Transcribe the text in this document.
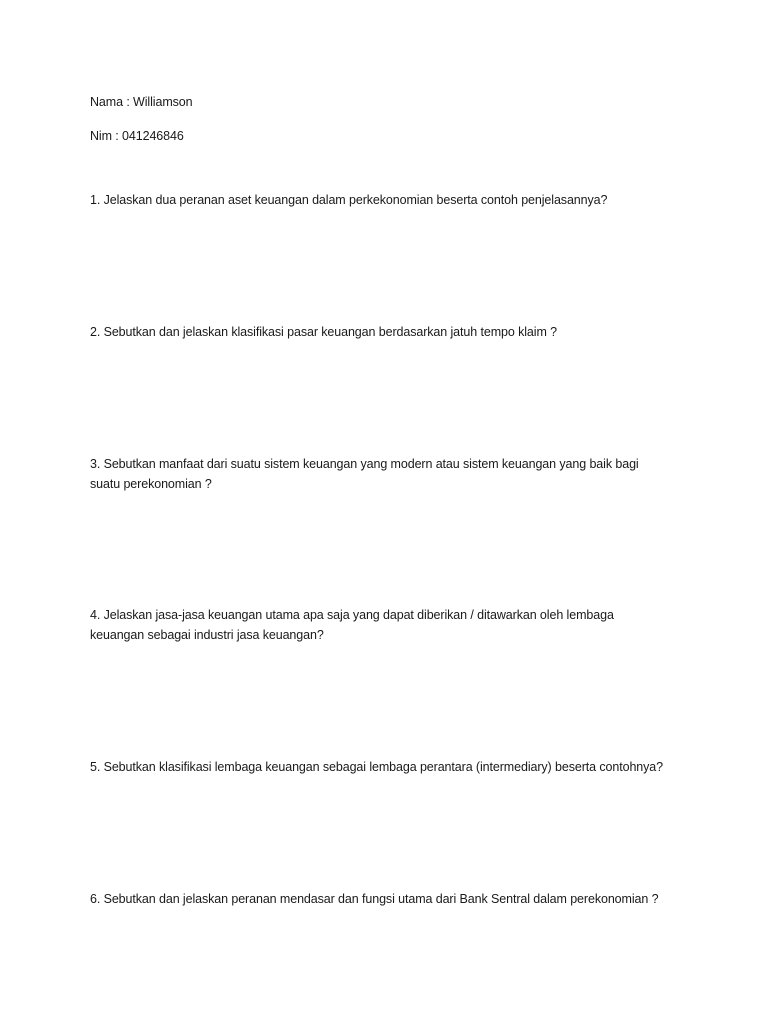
Nama : Williamson
Nim : 041246846
1. Jelaskan dua peranan aset keuangan dalam perkekonomian beserta contoh penjelasannya?
2. Sebutkan dan jelaskan klasifikasi pasar keuangan berdasarkan jatuh tempo klaim ?
3. Sebutkan manfaat dari suatu sistem keuangan yang modern atau sistem keuangan yang baik bagi suatu perekonomian ?
4. Jelaskan jasa-jasa keuangan utama apa saja yang dapat diberikan / ditawarkan oleh lembaga keuangan sebagai industri jasa keuangan?
5. Sebutkan klasifikasi lembaga keuangan sebagai lembaga perantara (intermediary) beserta contohnya?
6. Sebutkan dan jelaskan peranan mendasar dan fungsi utama dari Bank Sentral dalam perekonomian ?
